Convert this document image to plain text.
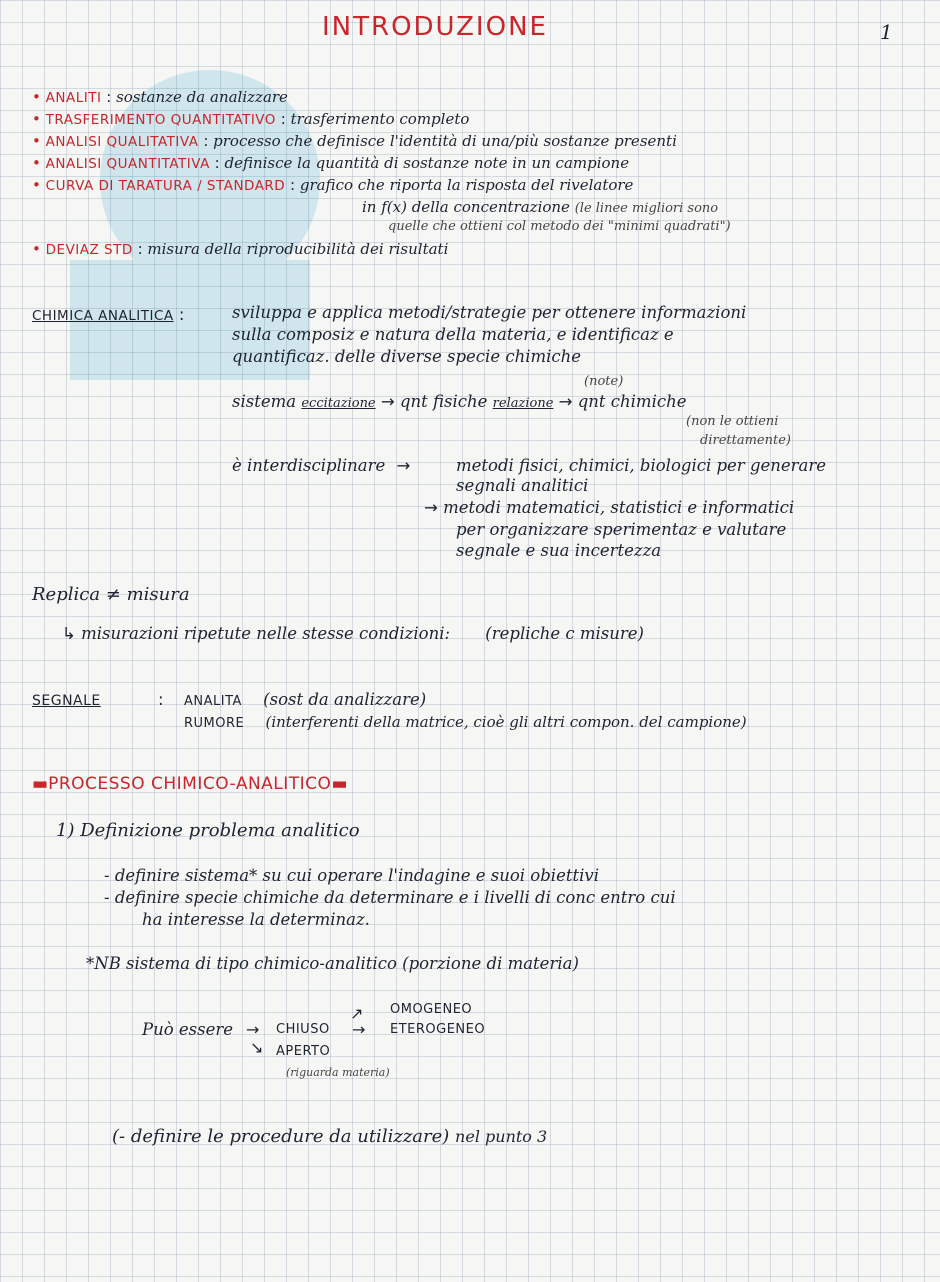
INTRODUZIONE	1
• ANALITI : sostanze da analizzare
• TRASFERIMENTO QUANTITATIVO : trasferimento completo
• ANALISI QUALITATIVA : processo che definisce l'identità di una/più sostanze presenti
• ANALISI QUANTITATIVA : definisce la quantità di sostanze note in un campione
• CURVA DI TARATURA / STANDARD : grafico che riporta la risposta del rivelatore
in f(x) della concentrazione (le linee migliori sono
quelle che ottieni col metodo dei "minimi quadrati")
• DEVIAZ STD : misura della riproducibilità dei risultati
CHIMICA ANALITICA :	sviluppa e applica metodi/strategie per ottenere informazioni
sulla composiz e natura della materia, e identificaz e
quantificaz. delle diverse specie chimiche
sistema eccitazione → qnt fisiche relazione → qnt chimiche
(note)
(non le ottieni
direttamente)
è interdisciplinare →	metodi fisici, chimici, biologici per generare
segnali analitici
→ metodi matematici, statistici e informatici
per organizzare sperimentaz e valutare
segnale e sua incertezza
Replica ≠ misura
↳ misurazioni ripetute nelle stesse condizioni: (repliche c misure)
SEGNALE	: ANALITA (sost da analizzare)
RUMORE (interferenti della matrice, cioè gli altri compon. del campione)
▬PROCESSO CHIMICO-ANALITICO▬
1) Definizione problema analitico
- definire sistema* su cui operare l'indagine e suoi obiettivi
- definire specie chimiche da determinare e i livelli di conc entro cui
ha interesse la determinaz.
*NB sistema di tipo chimico-analitico (porzione di materia)
Può essere → CHIUSO
↘ APERTO
↗ OMOGENEO
→ ETEROGENEO
(riguarda materia)
(- definire le procedure da utilizzare) nel punto 3
